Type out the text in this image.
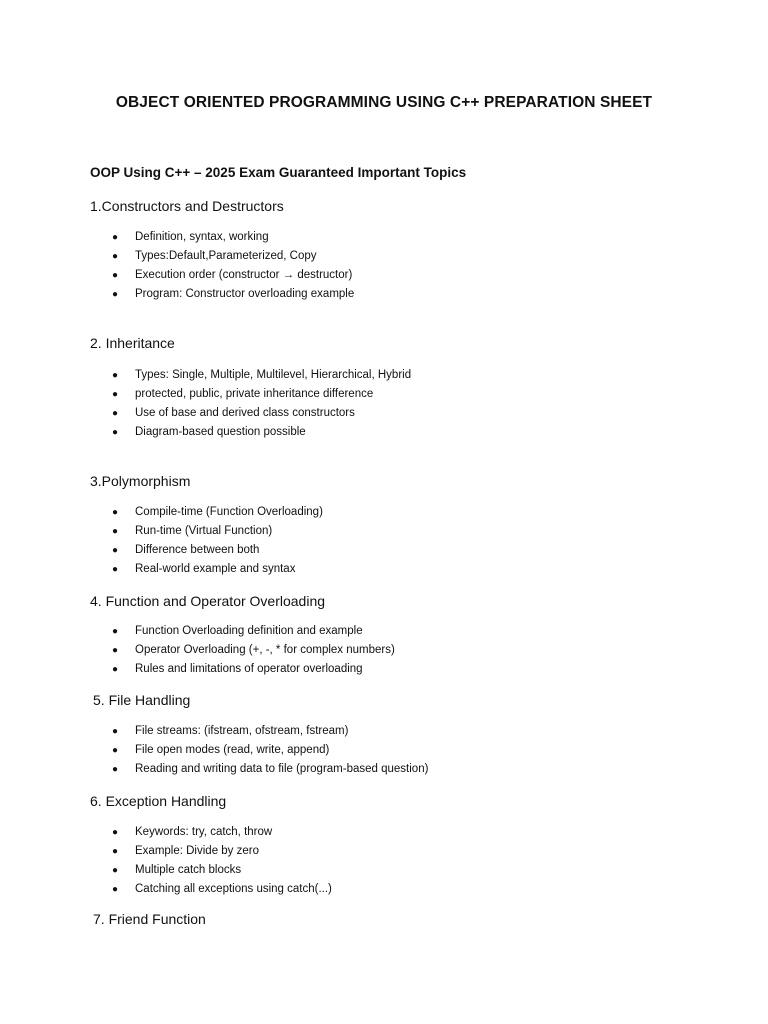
OBJECT ORIENTED PROGRAMMING USING C++ PREPARATION SHEET
OOP Using C++ – 2025 Exam Guaranteed Important Topics
1.Constructors and Destructors
● Definition, syntax, working
● Types:Default,Parameterized, Copy
● Execution order (constructor → destructor)
● Program: Constructor overloading example
2. Inheritance
● Types: Single, Multiple, Multilevel, Hierarchical, Hybrid
● protected, public, private inheritance difference
● Use of base and derived class constructors
● Diagram-based question possible
3.Polymorphism
● Compile-time (Function Overloading)
● Run-time (Virtual Function)
● Difference between both
● Real-world example and syntax
4. Function and Operator Overloading
● Function Overloading definition and example
● Operator Overloading (+, -, * for complex numbers)
● Rules and limitations of operator overloading
5. File Handling
● File streams: (ifstream, ofstream, fstream)
● File open modes (read, write, append)
● Reading and writing data to file (program-based question)
6. Exception Handling
● Keywords: try, catch, throw
● Example: Divide by zero
● Multiple catch blocks
● Catching all exceptions using catch(...)
7. Friend Function
